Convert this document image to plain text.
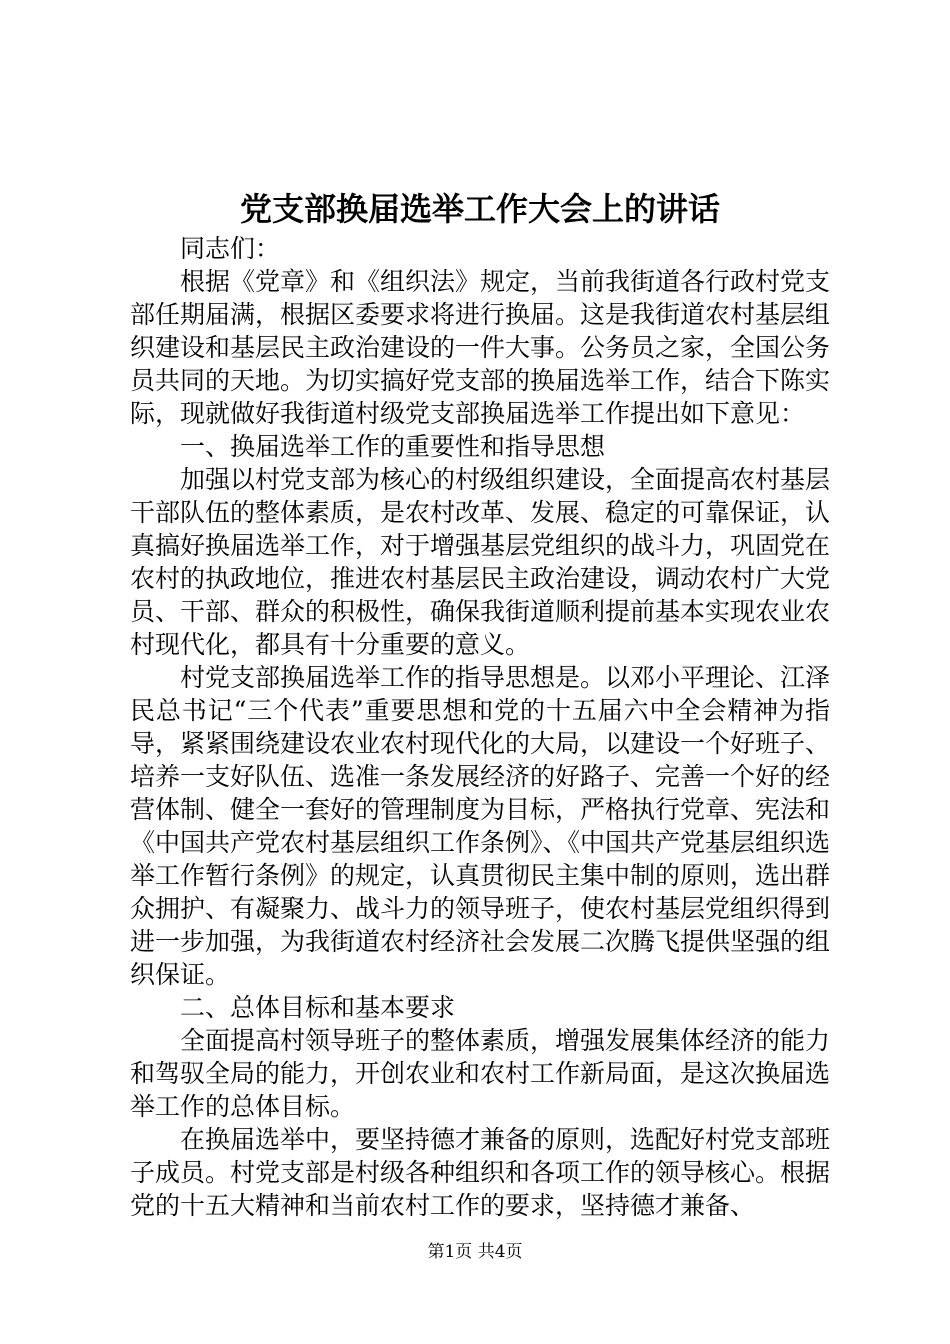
党支部换届选举工作大会上的讲话

同志们：

根据《党章》和《组织法》规定，当前我街道各行政村党支部任期届满，根据区委要求将进行换届。这是我街道农村基层组织建设和基层民主政治建设的一件大事。公务员之家，全国公务员共同的天地。为切实搞好党支部的换届选举工作，结合下陈实际，现就做好我街道村级党支部换届选举工作提出如下意见：

一、换届选举工作的重要性和指导思想

加强以村党支部为核心的村级组织建设，全面提高农村基层干部队伍的整体素质，是农村改革、发展、稳定的可靠保证，认真搞好换届选举工作，对于增强基层党组织的战斗力，巩固党在农村的执政地位，推进农村基层民主政治建设，调动农村广大党员、干部、群众的积极性，确保我街道顺利提前基本实现农业农村现代化，都具有十分重要的意义。

村党支部换届选举工作的指导思想是。以邓小平理论、江泽民总书记“三个代表”重要思想和党的十五届六中全会精神为指导，紧紧围绕建设农业农村现代化的大局，以建设一个好班子、培养一支好队伍、选准一条发展经济的好路子、完善一个好的经营体制、健全一套好的管理制度为目标，严格执行党章、宪法和《中国共产党农村基层组织工作条例》、《中国共产党基层组织选举工作暂行条例》的规定，认真贯彻民主集中制的原则，选出群众拥护、有凝聚力、战斗力的领导班子，使农村基层党组织得到进一步加强，为我街道农村经济社会发展二次腾飞提供坚强的组织保证。

二、总体目标和基本要求

全面提高村领导班子的整体素质，增强发展集体经济的能力和驾驭全局的能力，开创农业和农村工作新局面，是这次换届选举工作的总体目标。

在换届选举中，要坚持德才兼备的原则，选配好村党支部班子成员。村党支部是村级各种组织和各项工作的领导核心。根据党的十五大精神和当前农村工作的要求，坚持德才兼备、

第1页 共4页
